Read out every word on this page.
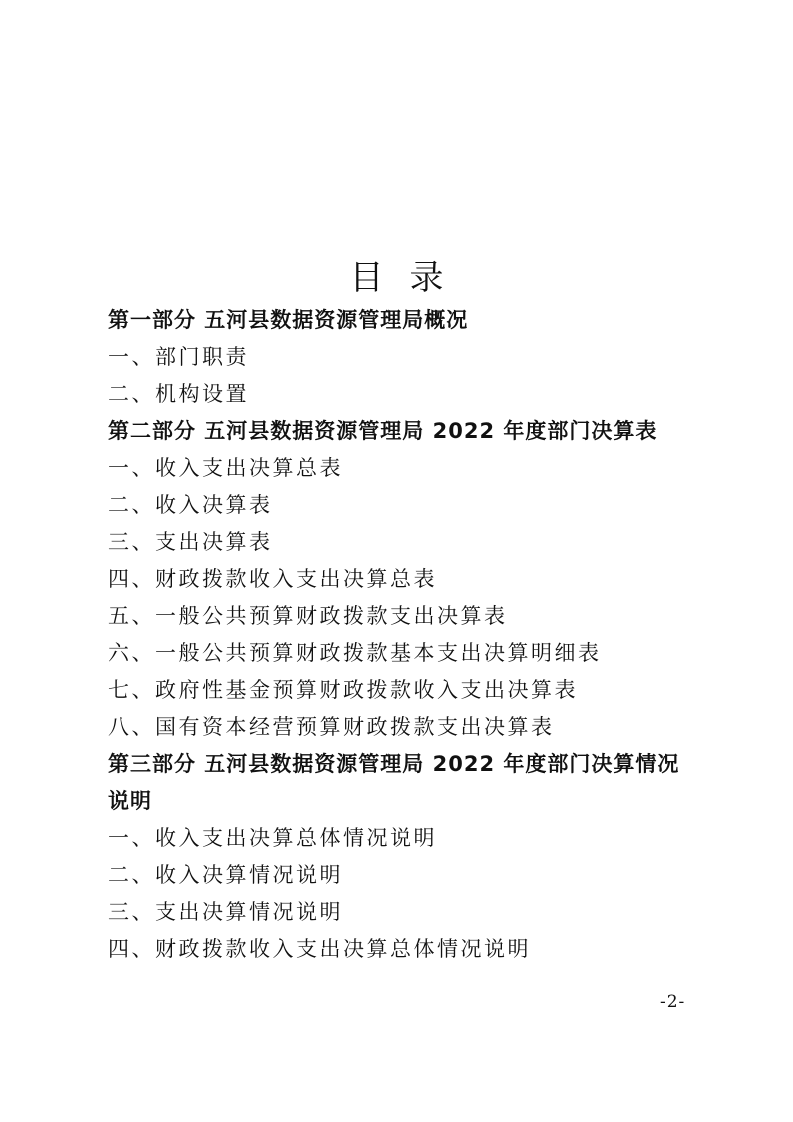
目录
第一部分 五河县数据资源管理局概况
一、部门职责
二、机构设置
第二部分 五河县数据资源管理局 2022 年度部门决算表
一、收入支出决算总表
二、收入决算表
三、支出决算表
四、财政拨款收入支出决算总表
五、一般公共预算财政拨款支出决算表
六、一般公共预算财政拨款基本支出决算明细表
七、政府性基金预算财政拨款收入支出决算表
八、国有资本经营预算财政拨款支出决算表
第三部分 五河县数据资源管理局 2022 年度部门决算情况说明
一、收入支出决算总体情况说明
二、收入决算情况说明
三、支出决算情况说明
四、财政拨款收入支出决算总体情况说明
-2-
